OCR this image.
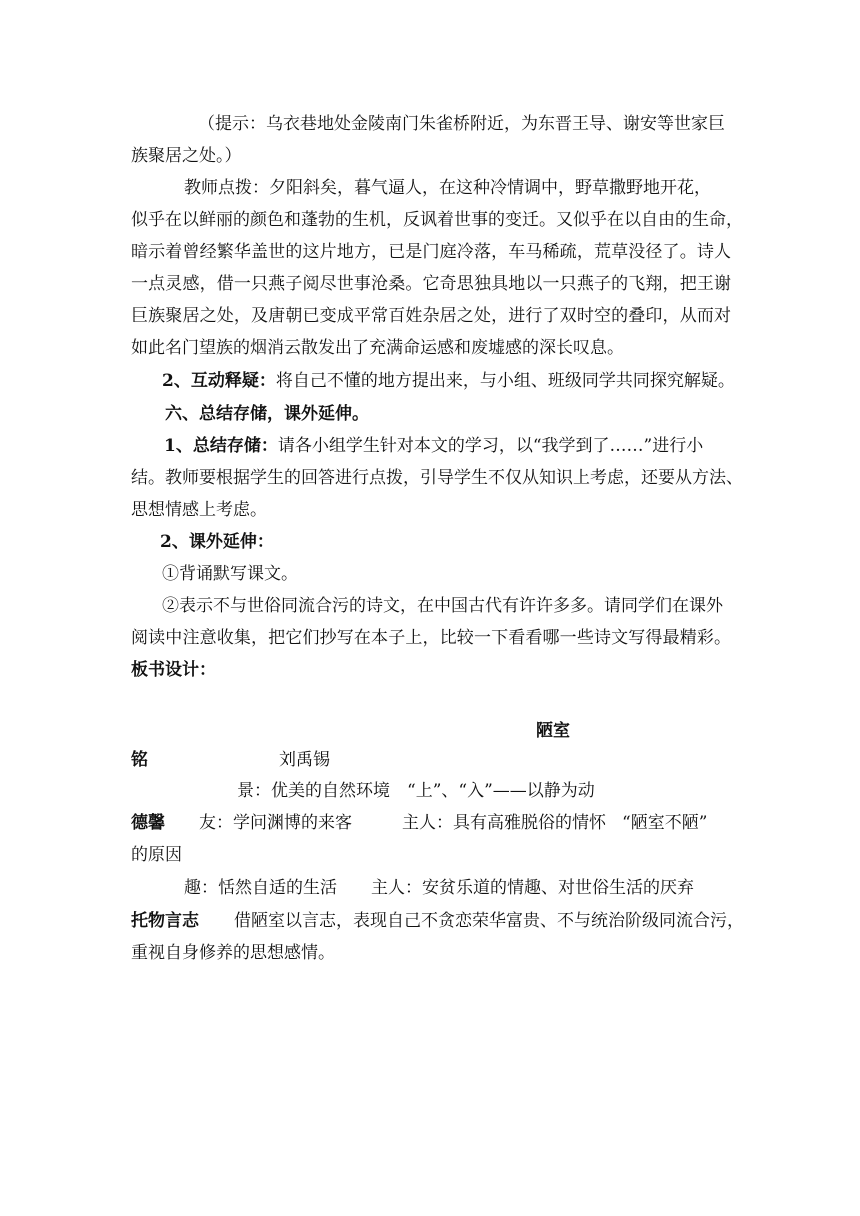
（提示：乌衣巷地处金陵南门朱雀桥附近，为东晋王导、谢安等世家巨
族聚居之处。）
教师点拨：夕阳斜矣，暮气逼人，在这种冷情调中，野草撒野地开花，
似乎在以鲜丽的颜色和蓬勃的生机，反讽着世事的变迁。又似乎在以自由的生命，
暗示着曾经繁华盖世的这片地方，已是门庭冷落，车马稀疏，荒草没径了。诗人
一点灵感，借一只燕子阅尽世事沧桑。它奇思独具地以一只燕子的飞翔，把王谢
巨族聚居之处，及唐朝已变成平常百姓杂居之处，进行了双时空的叠印，从而对
如此名门望族的烟消云散发出了充满命运感和废墟感的深长叹息。
2、互动释疑：将自己不懂的地方提出来，与小组、班级同学共同探究解疑。
六、总结存储，课外延伸。
1、总结存储：请各小组学生针对本文的学习，以“我学到了……”进行小
结。教师要根据学生的回答进行点拨，引导学生不仅从知识上考虑，还要从方法、
思想情感上考虑。
2、课外延伸：
①背诵默写课文。
②表示不与世俗同流合污的诗文，在中国古代有许许多多。请同学们在课外
阅读中注意收集，把它们抄写在本子上，比较一下看看哪一些诗文写得最精彩。
板书设计：
陋室
铭	刘禹锡
景：优美的自然环境 “上”、“入”——以静为动
德馨 友：学问渊博的来客	主人：具有高雅脱俗的情怀 “陋室不陋”
的原因
趣：恬然自适的生活 主人：安贫乐道的情趣、对世俗生活的厌弃
托物言志 借陋室以言志，表现自己不贪恋荣华富贵、不与统治阶级同流合污，
重视自身修养的思想感情。
